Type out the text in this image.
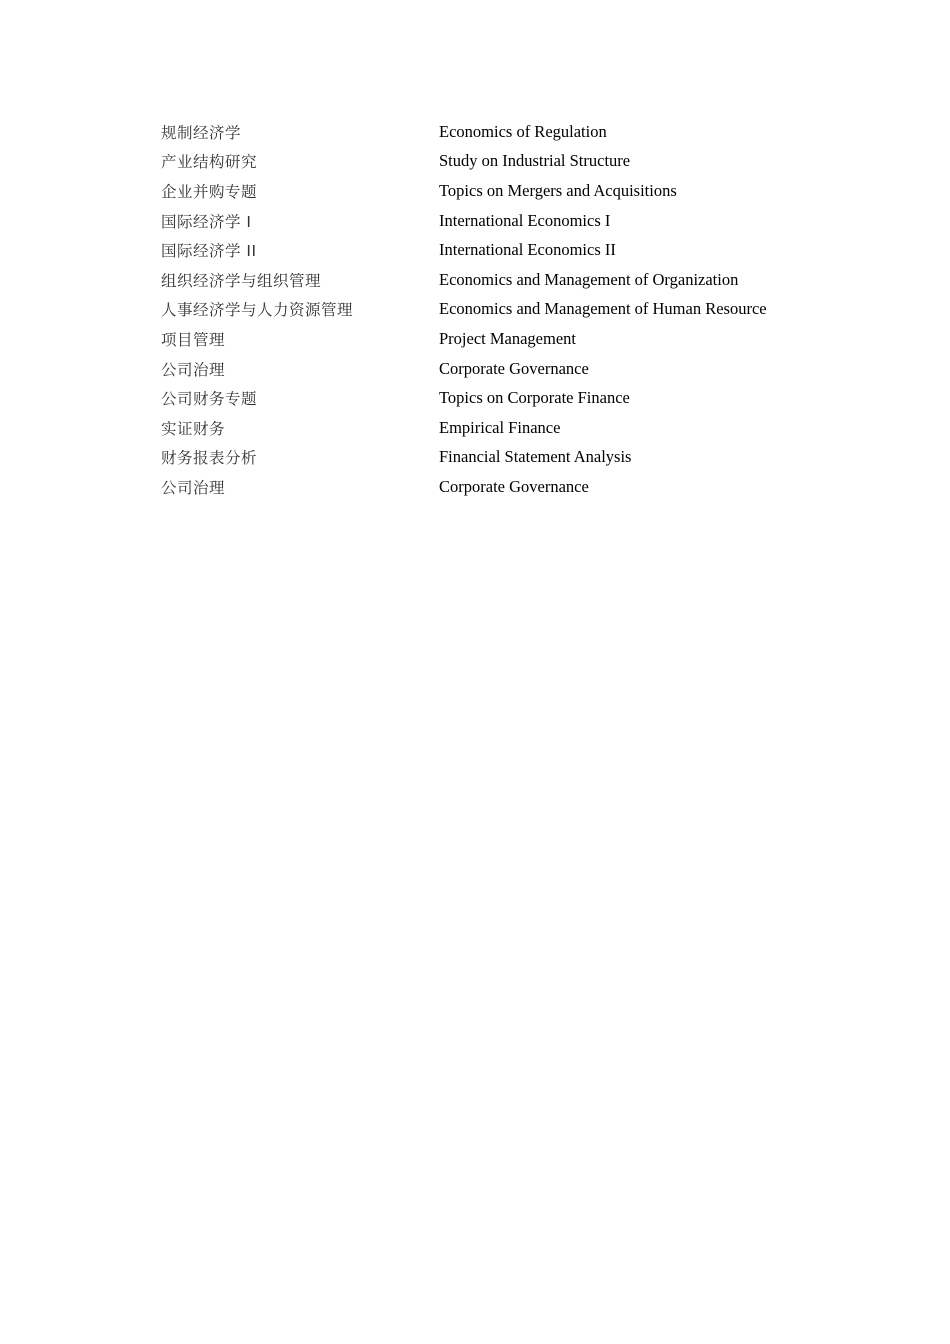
规制经济学	Economics of Regulation
产业结构研究	Study on Industrial Structure
企业并购专题	Topics on Mergers and Acquisitions
国际经济学 I	International Economics I
国际经济学 II	International Economics II
组织经济学与组织管理	Economics and Management of Organization
人事经济学与人力资源管理	Economics and Management of Human Resource
项目管理	Project Management
公司治理	Corporate Governance
公司财务专题	Topics on Corporate Finance
实证财务	Empirical Finance
财务报表分析	Financial Statement Analysis
公司治理	Corporate Governance
